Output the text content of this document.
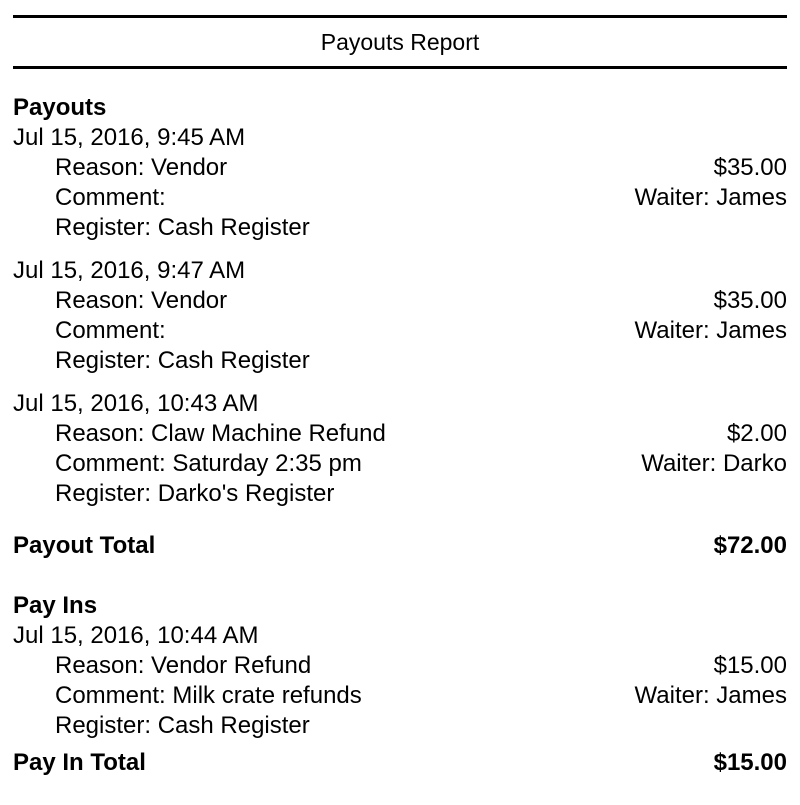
Payouts Report
Payouts
Jul 15, 2016, 9:45 AM
Reason: Vendor	$35.00
Comment:	Waiter: James
Register: Cash Register
Jul 15, 2016, 9:47 AM
Reason: Vendor	$35.00
Comment:	Waiter: James
Register: Cash Register
Jul 15, 2016, 10:43 AM
Reason: Claw Machine Refund	$2.00
Comment: Saturday 2:35 pm	Waiter: Darko
Register: Darko's Register
Payout Total	$72.00
Pay Ins
Jul 15, 2016, 10:44 AM
Reason: Vendor Refund	$15.00
Comment: Milk crate refunds	Waiter: James
Register: Cash Register
Pay In Total	$15.00
